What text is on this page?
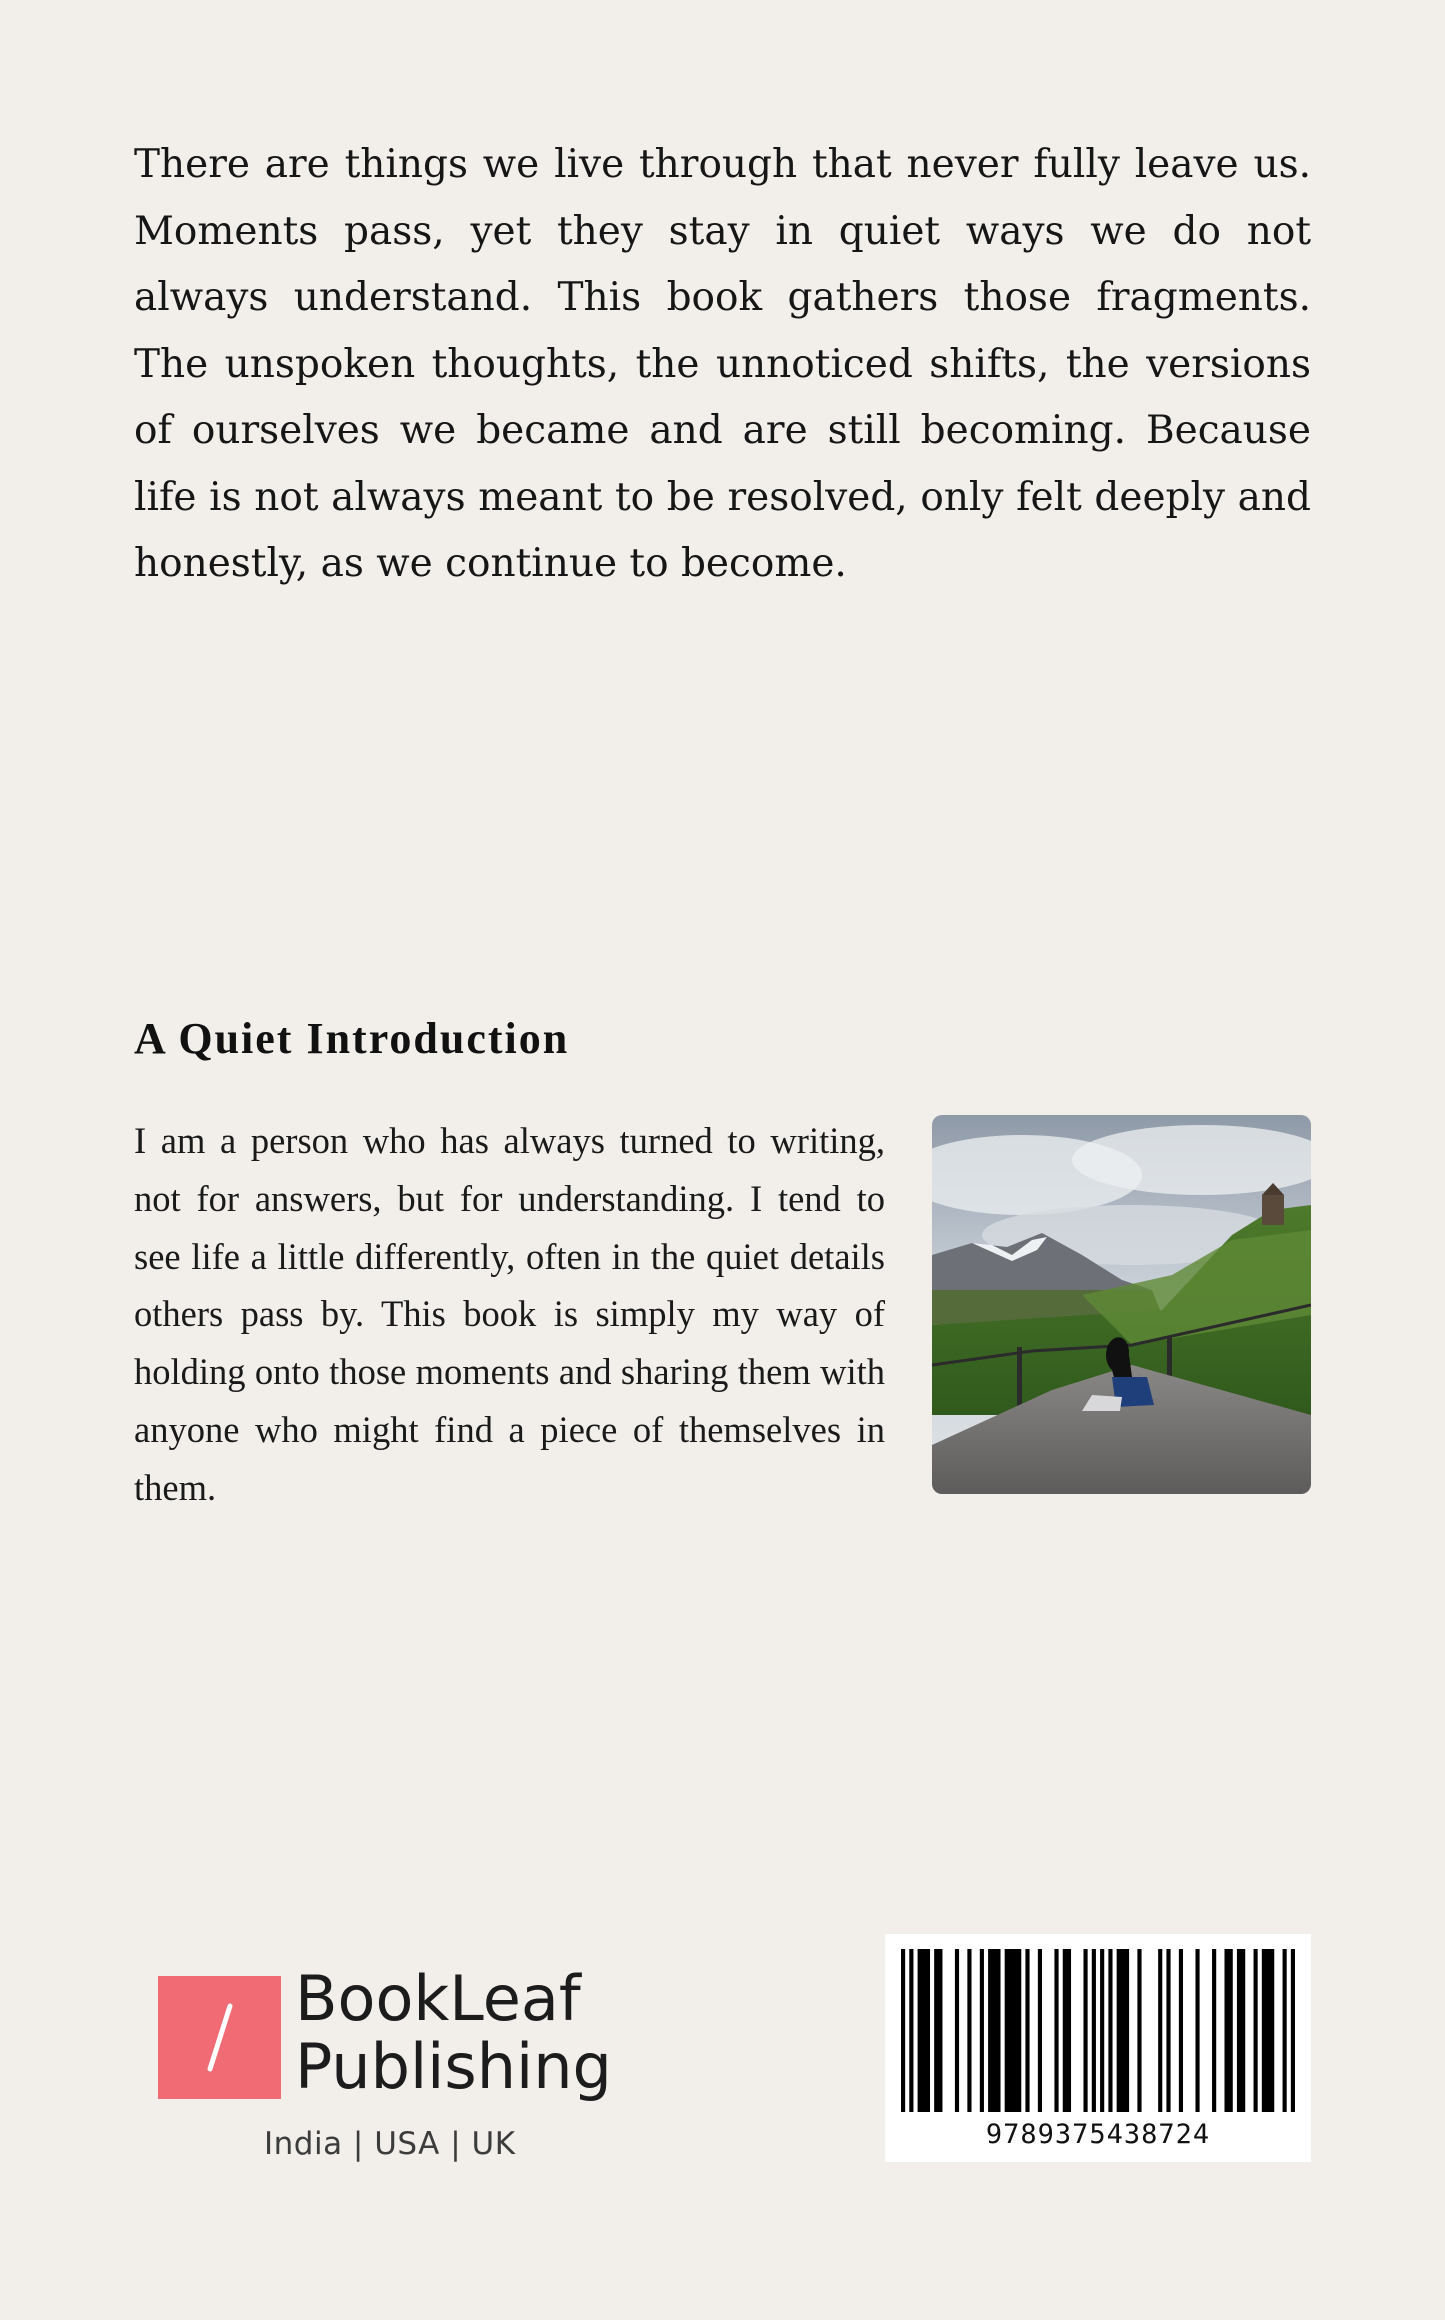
There are things we live through that never fully leave us. Moments pass, yet they stay in quiet ways we do not always understand. This book gathers those fragments. The unspoken thoughts, the unnoticed shifts, the versions of ourselves we became and are still becoming. Because life is not always meant to be resolved, only felt deeply and honestly, as we continue to become.

A Quiet Introduction

I am a person who has always turned to writing, not for answers, but for understanding. I tend to see life a little differently, often in the quiet details others pass by. This book is simply my way of holding onto those moments and sharing them with anyone who might find a piece of themselves in them.

BookLeaf
Publishing
India | USA | UK	9789375438724
